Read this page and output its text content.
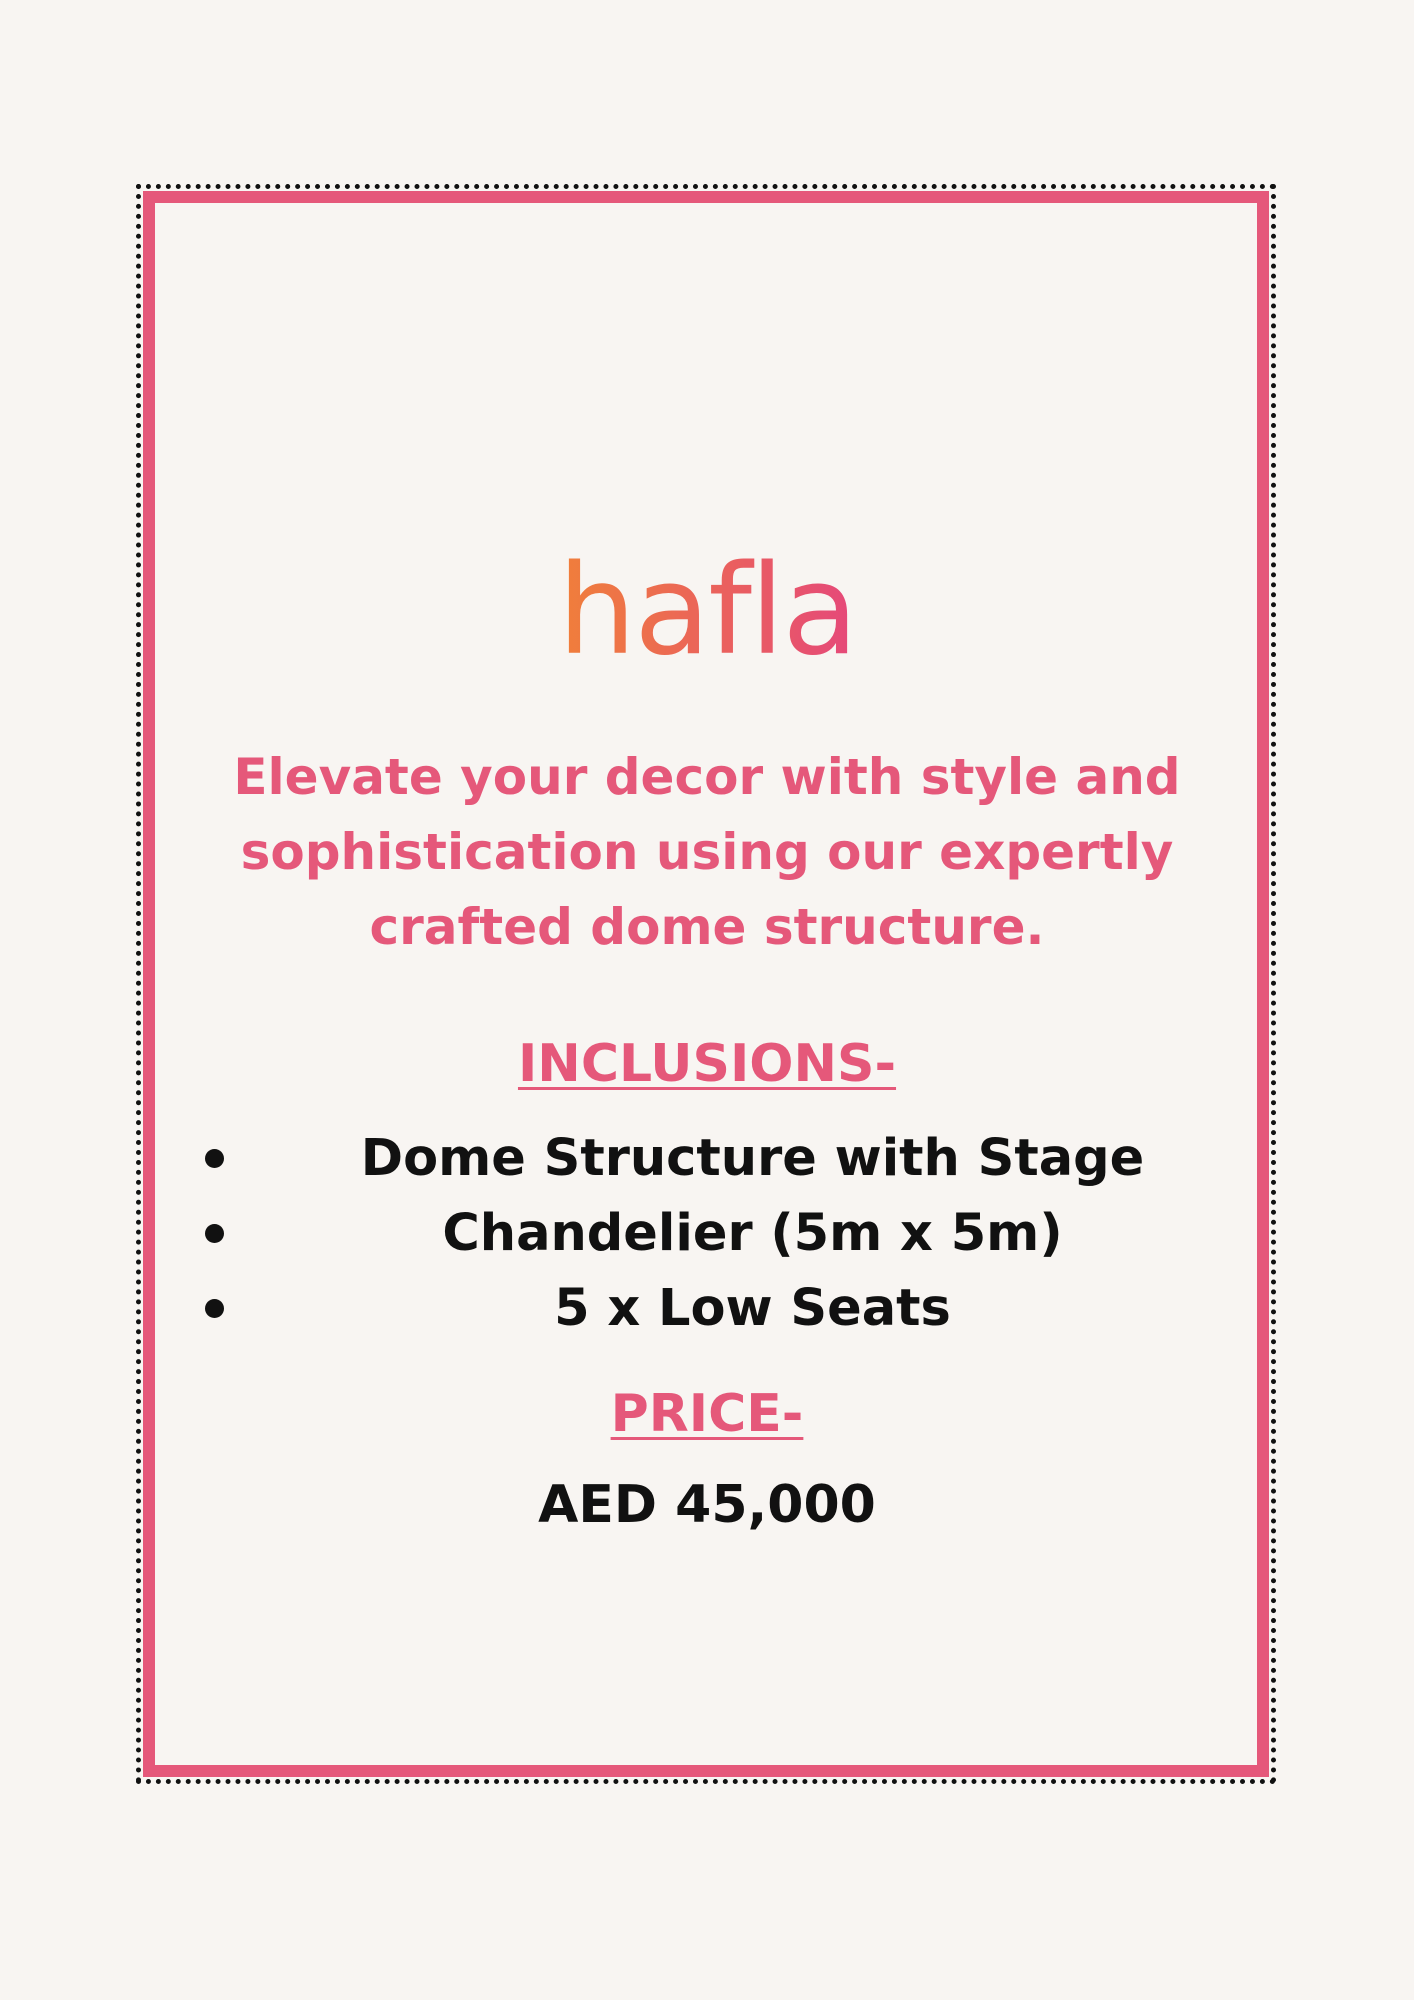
hafla
Elevate your decor with style and sophistication using our expertly crafted dome structure.
INCLUSIONS-
Dome Structure with Stage
Chandelier (5m x 5m)
5 x Low Seats
PRICE-
AED 45,000
